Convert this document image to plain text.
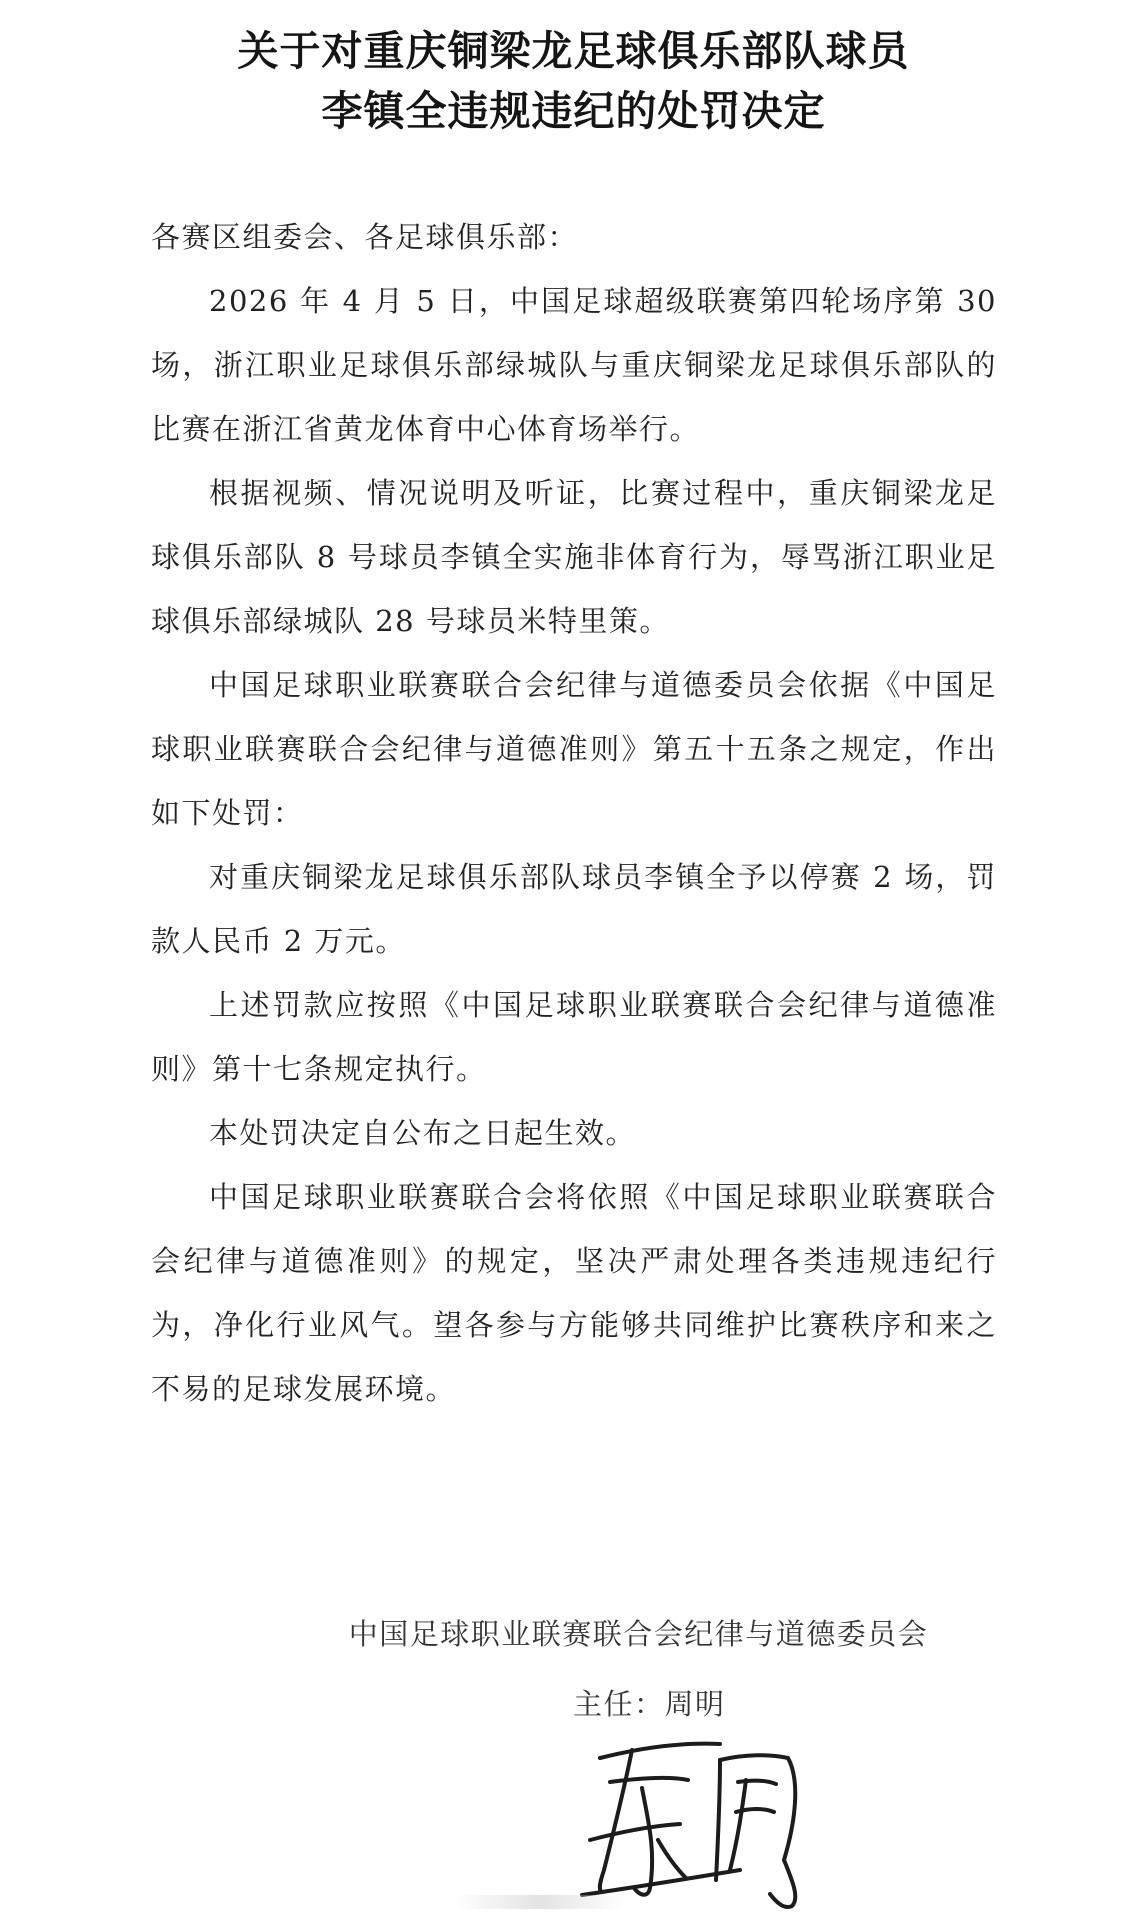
关于对重庆铜梁龙足球俱乐部队球员
李镇全违规违纪的处罚决定

各赛区组委会、各足球俱乐部：

2026 年 4 月 5 日，中国足球超级联赛第四轮场序第 30 场，浙江职业足球俱乐部绿城队与重庆铜梁龙足球俱乐部队的比赛在浙江省黄龙体育中心体育场举行。

根据视频、情况说明及听证，比赛过程中，重庆铜梁龙足球俱乐部队 8 号球员李镇全实施非体育行为，辱骂浙江职业足球俱乐部绿城队 28 号球员米特里策。

中国足球职业联赛联合会纪律与道德委员会依据《中国足球职业联赛联合会纪律与道德准则》第五十五条之规定，作出如下处罚：

对重庆铜梁龙足球俱乐部队球员李镇全予以停赛 2 场，罚款人民币 2 万元。

上述罚款应按照《中国足球职业联赛联合会纪律与道德准则》第十七条规定执行。

本处罚决定自公布之日起生效。

中国足球职业联赛联合会将依照《中国足球职业联赛联合会纪律与道德准则》的规定，坚决严肃处理各类违规违纪行为，净化行业风气。望各参与方能够共同维护比赛秩序和来之不易的足球发展环境。

中国足球职业联赛联合会纪律与道德委员会
主任：周明
